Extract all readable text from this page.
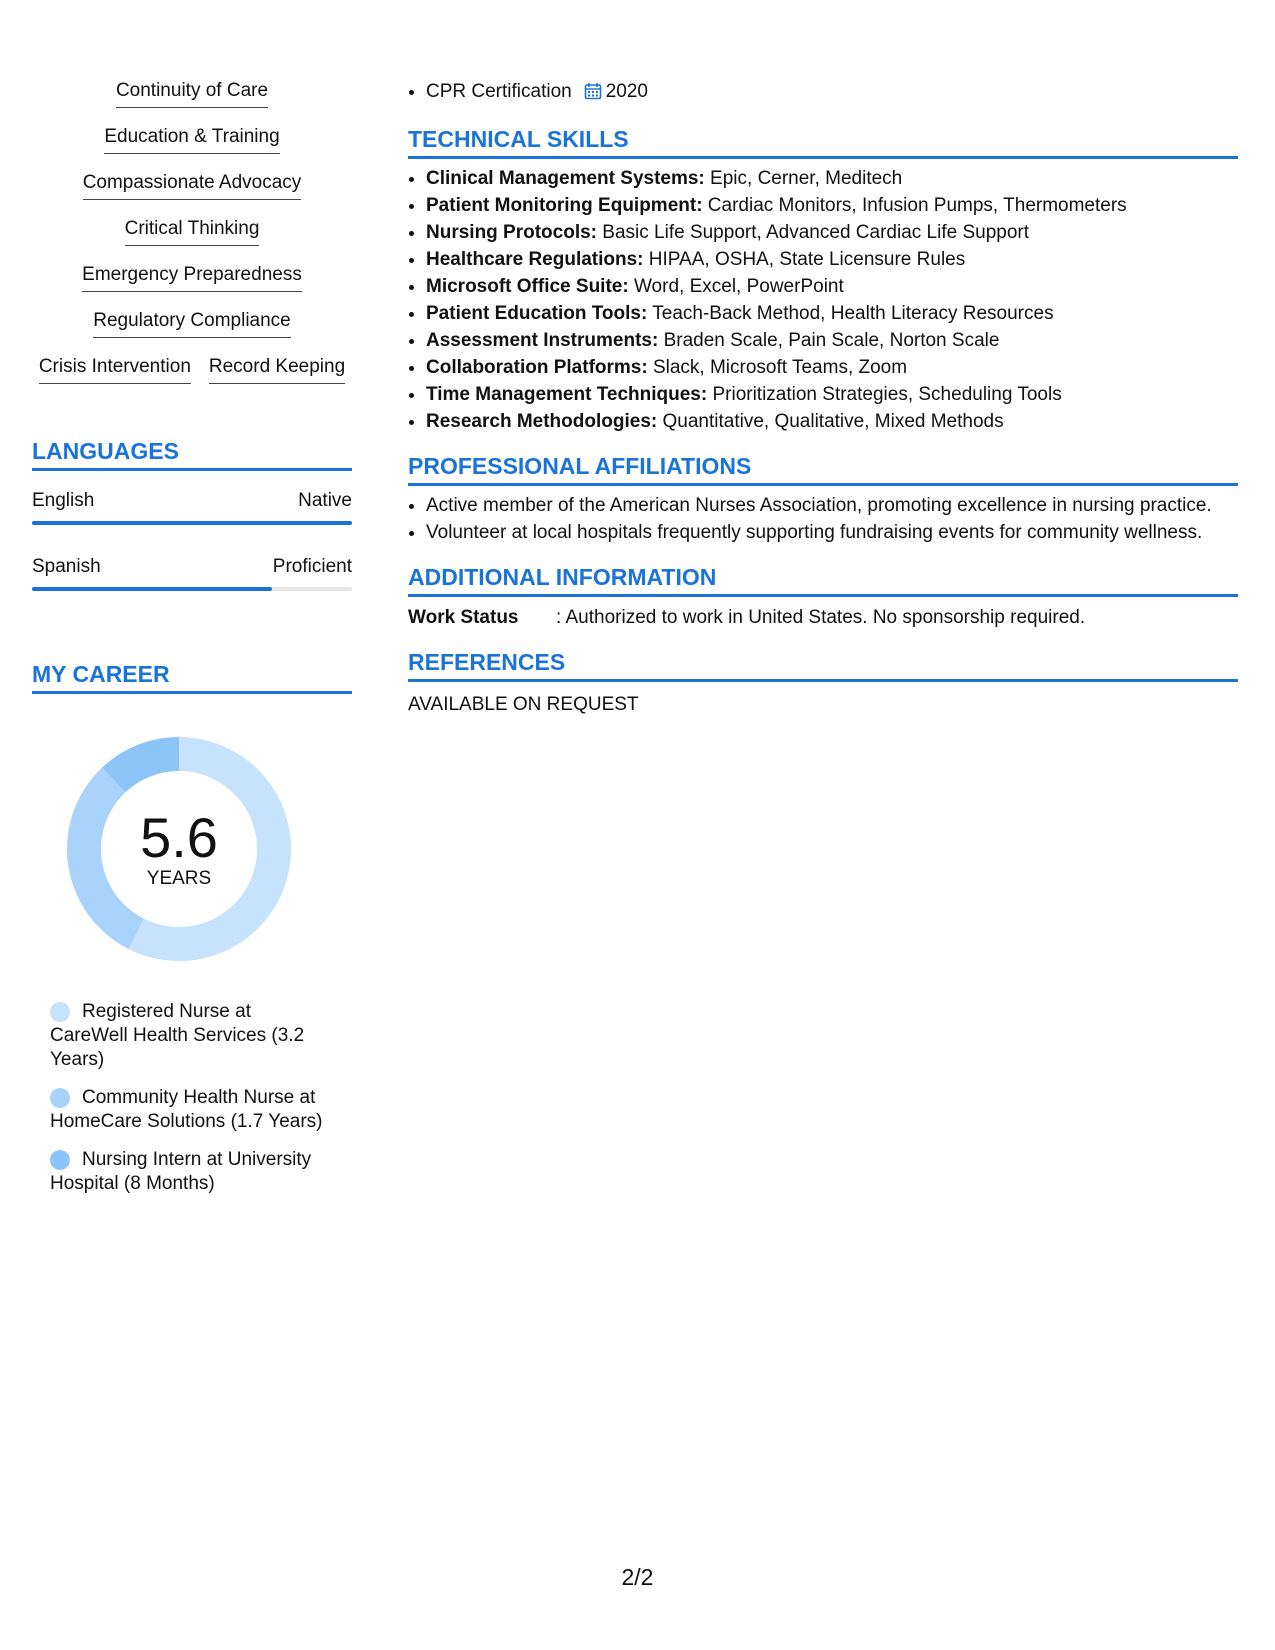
Continuity of Care
Education & Training
Compassionate Advocacy
Critical Thinking
Emergency Preparedness
Regulatory Compliance
Crisis Intervention Record Keeping
LANGUAGES
English	Native
Spanish	Proficient
MY CAREER
5.6
YEARS
Registered Nurse at CareWell Health Services (3.2 Years)
Community Health Nurse at HomeCare Solutions (1.7 Years)
Nursing Intern at University Hospital (8 Months)
• CPR Certification 2020
TECHNICAL SKILLS
• Clinical Management Systems: Epic, Cerner, Meditech
• Patient Monitoring Equipment: Cardiac Monitors, Infusion Pumps, Thermometers
• Nursing Protocols: Basic Life Support, Advanced Cardiac Life Support
• Healthcare Regulations: HIPAA, OSHA, State Licensure Rules
• Microsoft Office Suite: Word, Excel, PowerPoint
• Patient Education Tools: Teach-Back Method, Health Literacy Resources
• Assessment Instruments: Braden Scale, Pain Scale, Norton Scale
• Collaboration Platforms: Slack, Microsoft Teams, Zoom
• Time Management Techniques: Prioritization Strategies, Scheduling Tools
• Research Methodologies: Quantitative, Qualitative, Mixed Methods
PROFESSIONAL AFFILIATIONS
• Active member of the American Nurses Association, promoting excellence in nursing practice.
• Volunteer at local hospitals frequently supporting fundraising events for community wellness.
ADDITIONAL INFORMATION
Work Status	: Authorized to work in United States. No sponsorship required.
REFERENCES
AVAILABLE ON REQUEST
2/2
